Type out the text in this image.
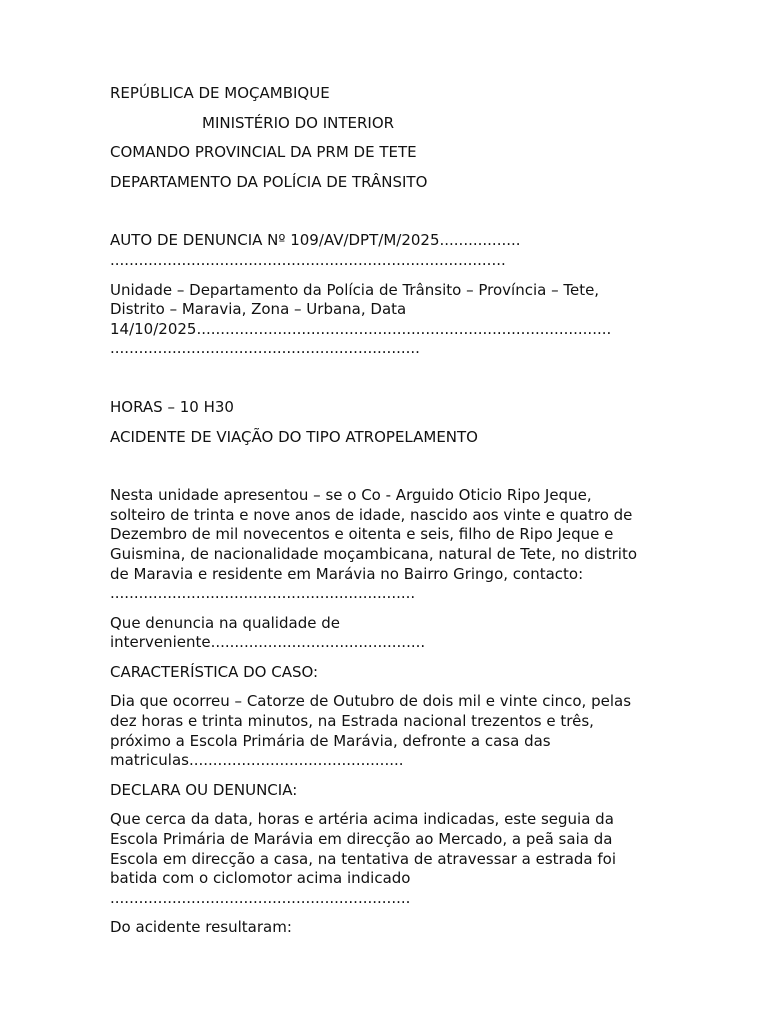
REPÚBLICA DE MOÇAMBIQUE
MINISTÉRIO DO INTERIOR
COMANDO PROVINCIAL DA PRM DE TETE
DEPARTAMENTO DA POLÍCIA DE TRÂNSITO
AUTO DE DENUNCIA Nº 109/AV/DPT/M/2025.................
...................................................................................
Unidade – Departamento da Polícia de Trânsito – Província – Tete,
Distrito – Maravia, Zona – Urbana, Data
14/10/2025.......................................................................................
.................................................................
HORAS – 10 H30
ACIDENTE DE VIAÇÃO DO TIPO ATROPELAMENTO
Nesta unidade apresentou – se o Co - Arguido Oticio Ripo Jeque,
solteiro de trinta e nove anos de idade, nascido aos vinte e quatro de
Dezembro de mil novecentos e oitenta e seis, filho de Ripo Jeque e
Guismina, de nacionalidade moçambicana, natural de Tete, no distrito
de Maravia e residente em Marávia no Bairro Gringo, contacto:
................................................................
Que denuncia na qualidade de
interveniente.............................................
CARACTERÍSTICA DO CASO:
Dia que ocorreu – Catorze de Outubro de dois mil e vinte cinco, pelas
dez horas e trinta minutos, na Estrada nacional trezentos e três,
próximo a Escola Primária de Marávia, defronte a casa das
matriculas.............................................
DECLARA OU DENUNCIA:
Que cerca da data, horas e artéria acima indicadas, este seguia da
Escola Primária de Marávia em direcção ao Mercado, a peã saia da
Escola em direcção a casa, na tentativa de atravessar a estrada foi
batida com o ciclomotor acima indicado
...............................................................
Do acidente resultaram:
